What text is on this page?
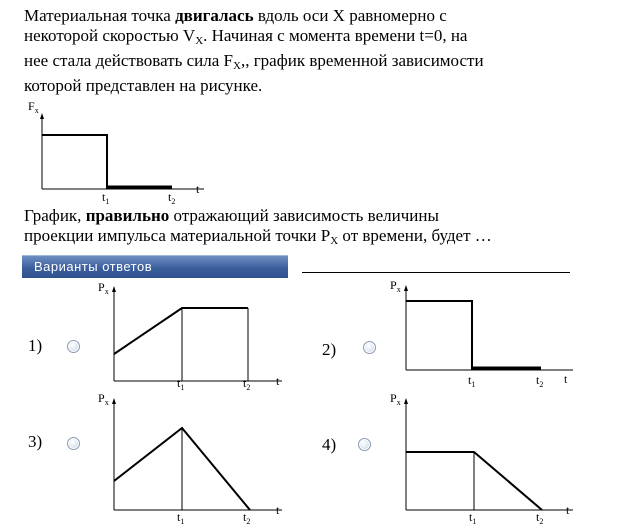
Материальная точка двигалась вдоль оси X равномерно с
некоторой скоростью $V_X$. Начиная с момента времени t=0, на
нее стала действовать сила $F_X$,, график временной зависимости
которой представлен на рисунке.

$F_x$
$t_1$	$t_2$
t
$P_x$
$t_1$	$t_2$ t
$P_x$
$t_1$	$t_2$ t
$P_x$
$t_1$	$t_2$
t
$P_x$
$t_1$	$t_2$
t

График, правильно отражающий зависимость величины
проекции импульса материальной точки $P_X$ от времени, будет …

Варианты ответов
1)	2)
3)	4)
